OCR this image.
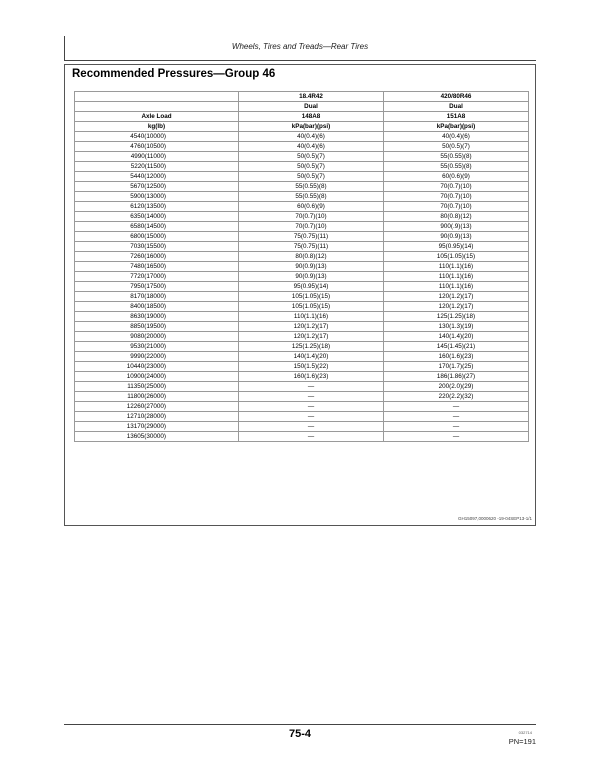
Wheels, Tires and Treads—Rear Tires
Recommended Pressures—Group 46
	18.4R42	420/80R46
	Dual	Dual
Axle Load	148A8	151A8
kg(lb)	kPa(bar)(psi)	kPa(bar)(psi)
4540(10000)	40(0.4)(6)	40(0.4)(6)
4760(10500)	40(0.4)(6)	50(0.5)(7)
4990(11000)	50(0.5)(7)	55(0.55)(8)
5220(11500)	50(0.5)(7)	55(0.55)(8)
5440(12000)	50(0.5)(7)	60(0.6)(9)
5670(12500)	55(0.55)(8)	70(0.7)(10)
5900(13000)	55(0.55)(8)	70(0.7)(10)
6120(13500)	60(0.6)(9)	70(0.7)(10)
6350(14000)	70(0.7)(10)	80(0.8)(12)
6580(14500)	70(0.7)(10)	900(.9)(13)
6800(15000)	75(0.75)(11)	90(0.9)(13)
7030(15500)	75(0.75)(11)	95(0.95)(14)
7260(16000)	80(0.8)(12)	105(1.05)(15)
7480(16500)	90(0.9)(13)	110(1.1)(16)
7720(17000)	90(0.9)(13)	110(1.1)(16)
7950(17500)	95(0.95)(14)	110(1.1)(16)
8170(18000)	105(1.05)(15)	120(1.2)(17)
8400(18500)	105(1.05)(15)	120(1.2)(17)
8630(19000)	110(1.1)(16)	125(1.25)(18)
8850(19500)	120(1.2)(17)	130(1.3)(19)
9080(20000)	120(1.2)(17)	140(1.4)(20)
9530(21000)	125(1.25)(18)	145(1.45)(21)
9990(22000)	140(1.4)(20)	160(1.6)(23)
10440(23000)	150(1.5)(22)	170(1.7)(25)
10900(24000)	160(1.6)(23)	186(1.86)(27)
11350(25000)	—	200(2.0)(29)
11800(26000)	—	220(2.2)(32)
12260(27000)	—	—
12710(28000)	—	—
13170(29000)	—	—
13605(30000)	—	—
GH15097,0000620 -19-04SEP13-1/1
75-4	032714
PN=191
